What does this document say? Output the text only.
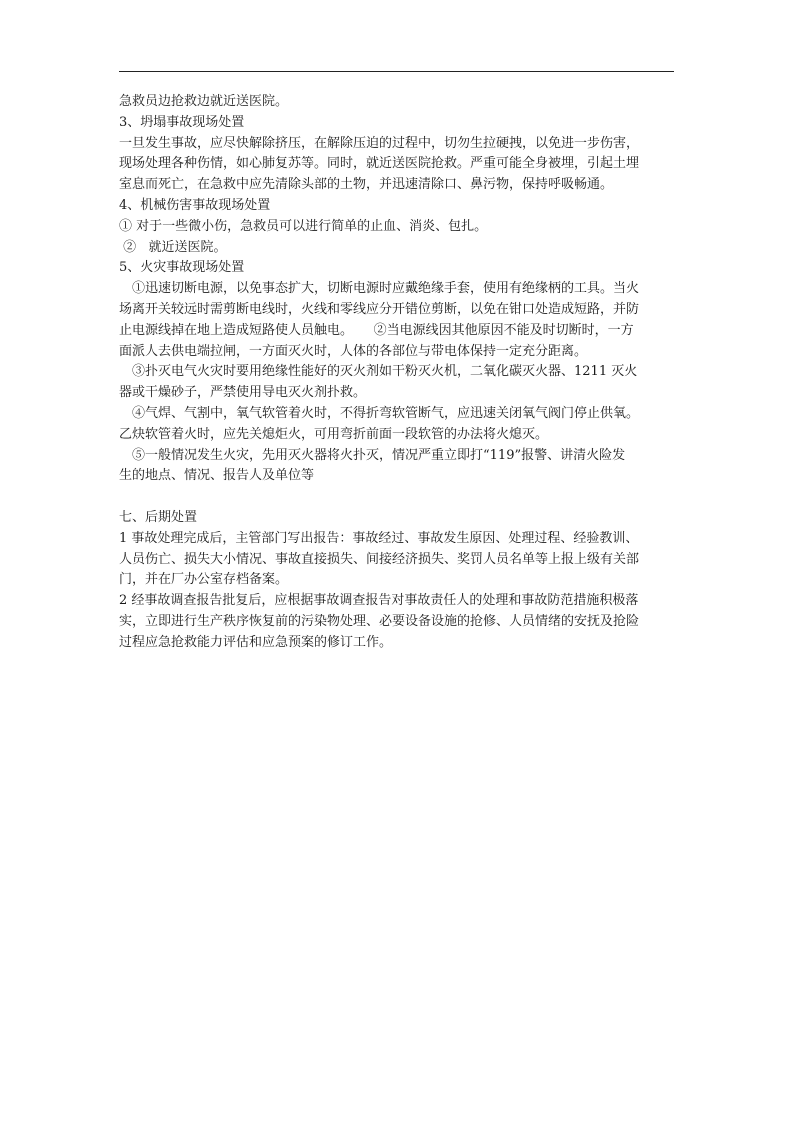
急救员边抢救边就近送医院。

3、坍塌事故现场处置

一旦发生事故，应尽快解除挤压，在解除压迫的过程中，切勿生拉硬拽，以免进一步伤害，

现场处理各种伤情，如心肺复苏等。同时，就近送医院抢救。严重可能全身被埋，引起土埋

室息而死亡，在急救中应先清除头部的土物，并迅速清除口、鼻污物，保持呼吸畅通。

4、机械伤害事故现场处置

① 对于一些微小伤，急救员可以进行简单的止血、消炎、包扎。

②   就近送医院。

5、火灾事故现场处置

①迅速切断电源，以免事态扩大，切断电源时应戴绝缘手套，使用有绝缘柄的工具。当火

场离开关较远时需剪断电线时，火线和零线应分开错位剪断，以免在钳口处造成短路，并防

止电源线掉在地上造成短路使人员触电。     ②当电源线因其他原因不能及时切断时，一方

面派人去供电端拉闸，一方面灭火时，人体的各部位与带电体保持一定充分距离。

③扑灭电气火灾时要用绝缘性能好的灭火剂如干粉灭火机，二氧化碳灭火器、1211 灭火

器或干燥砂子，严禁使用导电灭火剂扑救。

④气焊、气割中，氧气软管着火时，不得折弯软管断气，应迅速关闭氧气阀门停止供氧。

乙炔软管着火时，应先关熄炬火，可用弯折前面一段软管的办法将火熄灭。

⑤一般情况发生火灾，先用灭火器将火扑灭，情况严重立即打“119”报警、讲清火险发

生的地点、情况、报告人及单位等

七、后期处置

1 事故处理完成后，主管部门写出报告：事故经过、事故发生原因、处理过程、经验教训、

人员伤亡、损失大小情况、事故直接损失、间接经济损失、奖罚人员名单等上报上级有关部

门，并在厂办公室存档备案。

2 经事故调查报告批复后，应根据事故调查报告对事故责任人的处理和事故防范措施积极落

实，立即进行生产秩序恢复前的污染物处理、必要设备设施的抢修、人员情绪的安抚及抢险

过程应急抢救能力评估和应急预案的修订工作。
